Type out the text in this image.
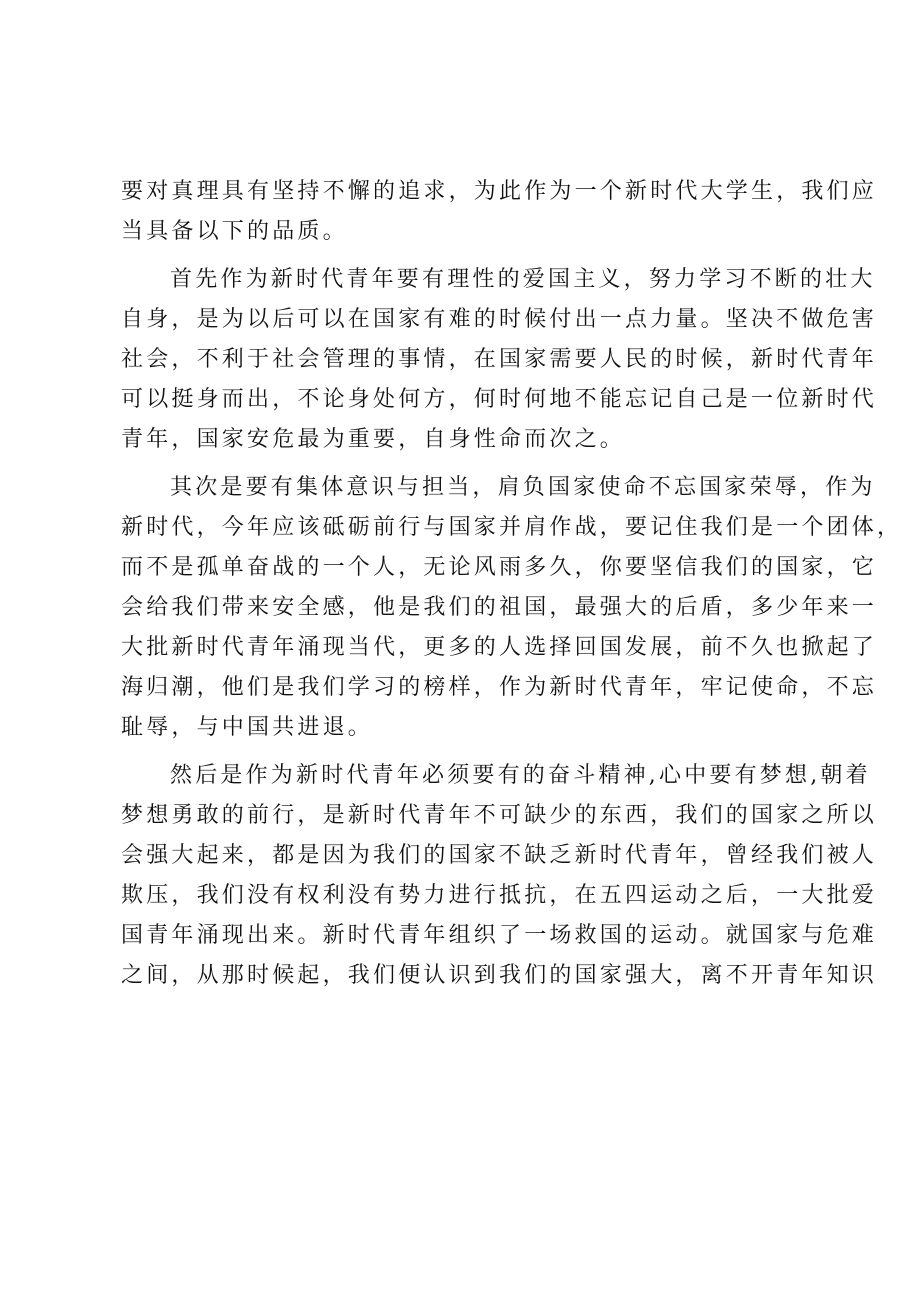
要对真理具有坚持不懈的追求，为此作为一个新时代大学生，我们应
当具备以下的品质。
首先作为新时代青年要有理性的爱国主义，努力学习不断的壮大
自身，是为以后可以在国家有难的时候付出一点力量。坚决不做危害
社会，不利于社会管理的事情，在国家需要人民的时候，新时代青年
可以挺身而出，不论身处何方，何时何地不能忘记自己是一位新时代
青年，国家安危最为重要，自身性命而次之。
其次是要有集体意识与担当，肩负国家使命不忘国家荣辱，作为
新时代，今年应该砥砺前行与国家并肩作战，要记住我们是一个团体，
而不是孤单奋战的一个人，无论风雨多久，你要坚信我们的国家，它
会给我们带来安全感，他是我们的祖国，最强大的后盾，多少年来一
大批新时代青年涌现当代，更多的人选择回国发展，前不久也掀起了
海归潮，他们是我们学习的榜样，作为新时代青年，牢记使命，不忘
耻辱，与中国共进退。
然后是作为新时代青年必须要有的奋斗精神,心中要有梦想,朝着
梦想勇敢的前行，是新时代青年不可缺少的东西，我们的国家之所以
会强大起来，都是因为我们的国家不缺乏新时代青年，曾经我们被人
欺压，我们没有权利没有势力进行抵抗，在五四运动之后，一大批爱
国青年涌现出来。新时代青年组织了一场救国的运动。就国家与危难
之间，从那时候起，我们便认识到我们的国家强大，离不开青年知识
